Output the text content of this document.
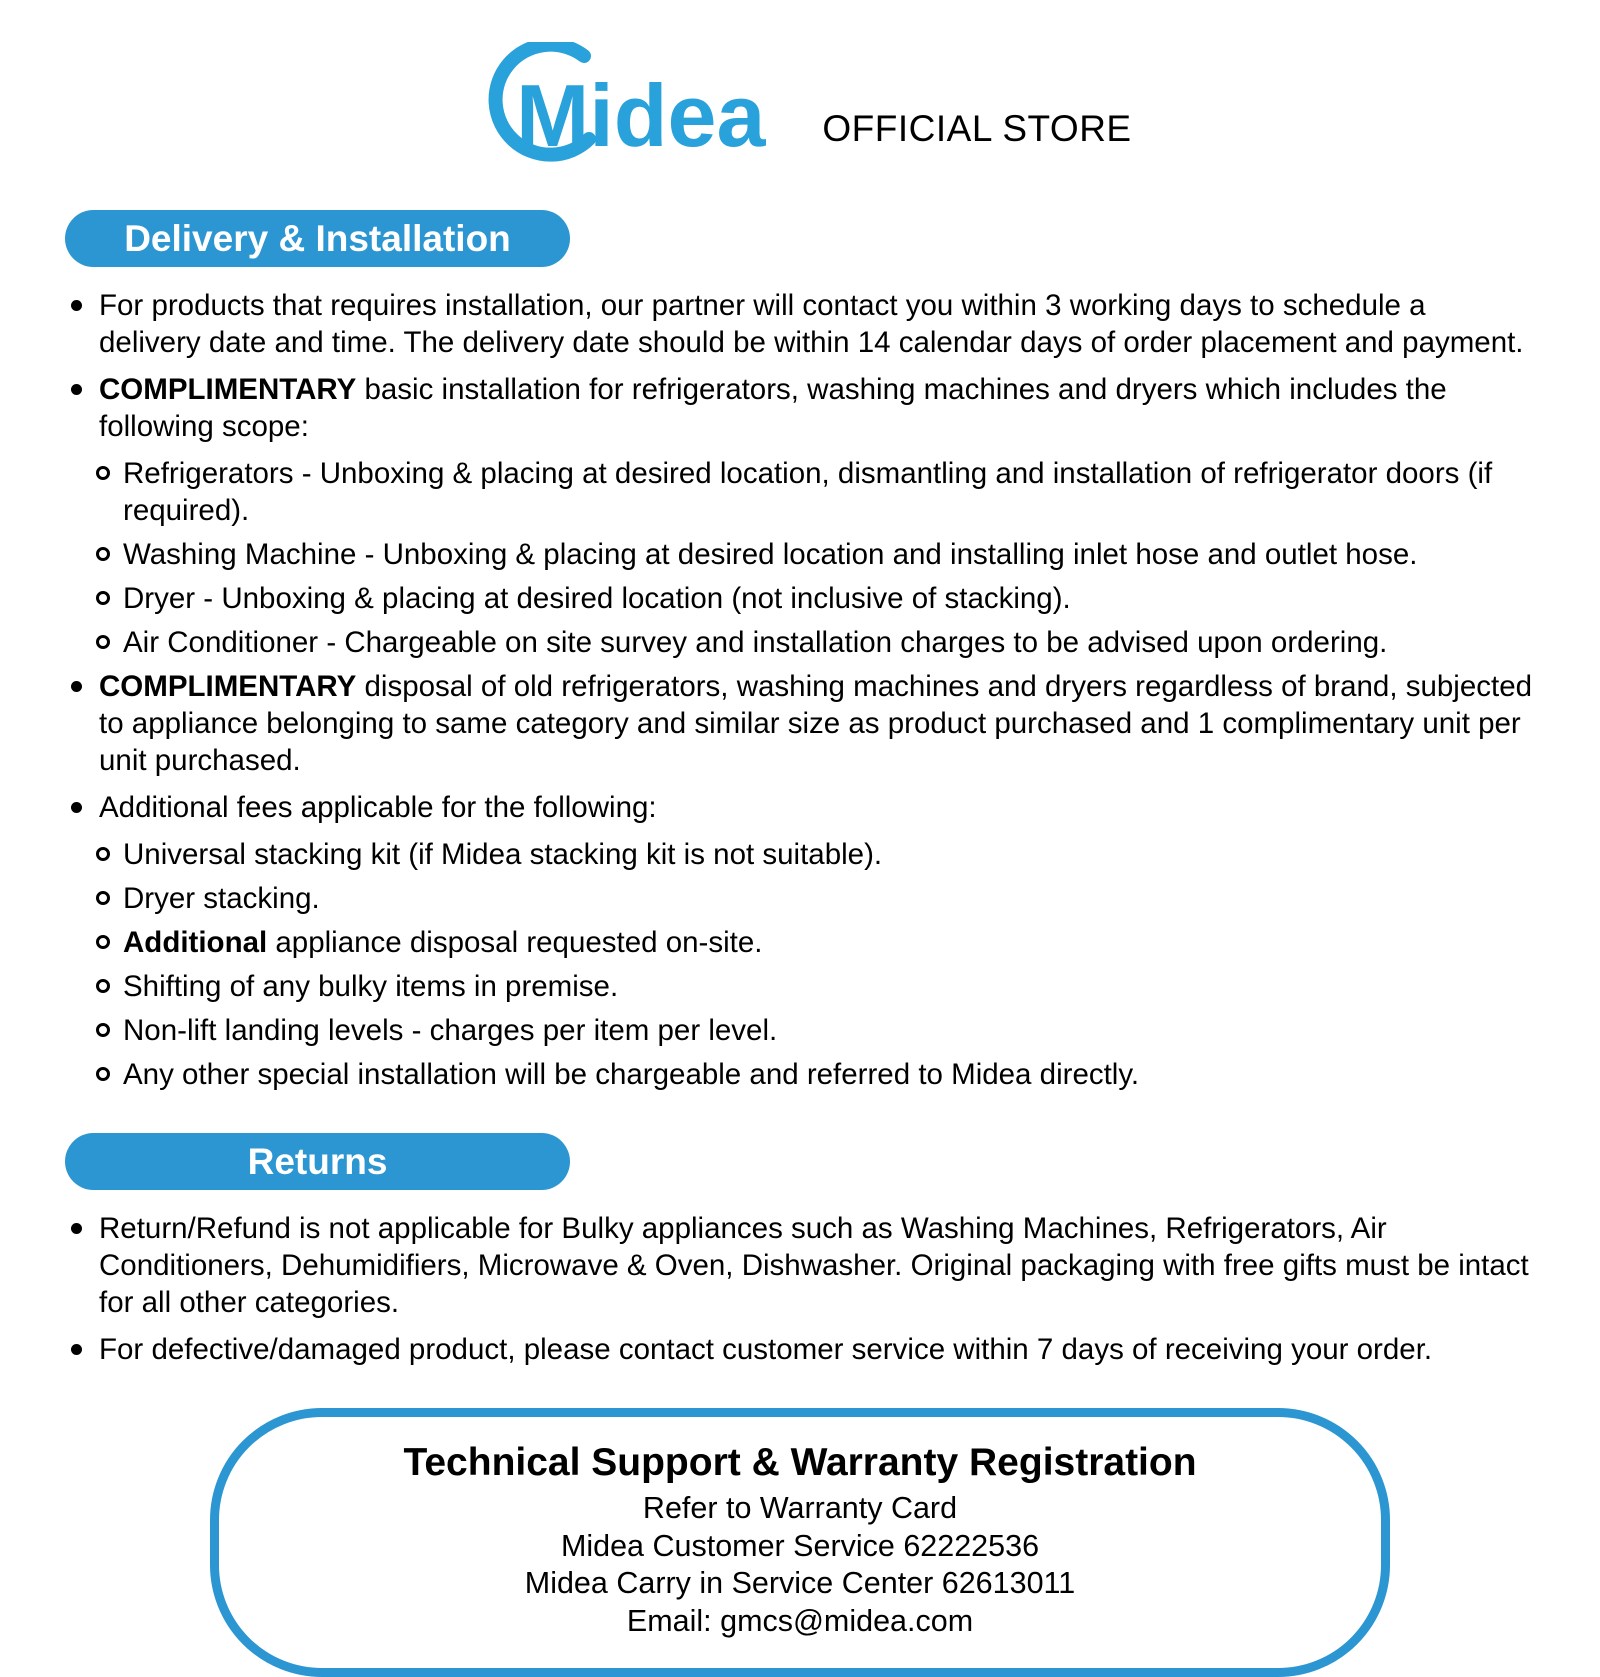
Midea OFFICIAL STORE
Delivery & Installation
For products that requires installation, our partner will contact you within 3 working days to schedule a delivery date and time. The delivery date should be within 14 calendar days of order placement and payment.
COMPLIMENTARY basic installation for refrigerators, washing machines and dryers which includes the following scope:
Refrigerators - Unboxing & placing at desired location, dismantling and installation of refrigerator doors (if required).
Washing Machine - Unboxing & placing at desired location and installing inlet hose and outlet hose.
Dryer - Unboxing & placing at desired location (not inclusive of stacking).
Air Conditioner - Chargeable on site survey and installation charges to be advised upon ordering.
COMPLIMENTARY disposal of old refrigerators, washing machines and dryers regardless of brand, subjected to appliance belonging to same category and similar size as product purchased and 1 complimentary unit per unit purchased.
Additional fees applicable for the following:
Universal stacking kit (if Midea stacking kit is not suitable).
Dryer stacking.
Additional appliance disposal requested on-site.
Shifting of any bulky items in premise.
Non-lift landing levels - charges per item per level.
Any other special installation will be chargeable and referred to Midea directly.
Returns
Return/Refund is not applicable for Bulky appliances such as Washing Machines, Refrigerators, Air Conditioners, Dehumidifiers, Microwave & Oven, Dishwasher. Original packaging with free gifts must be intact for all other categories.
For defective/damaged product, please contact customer service within 7 days of receiving your order.
Technical Support & Warranty Registration
Refer to Warranty Card
Midea Customer Service 62222536
Midea Carry in Service Center 62613011
Email: gmcs@midea.com
